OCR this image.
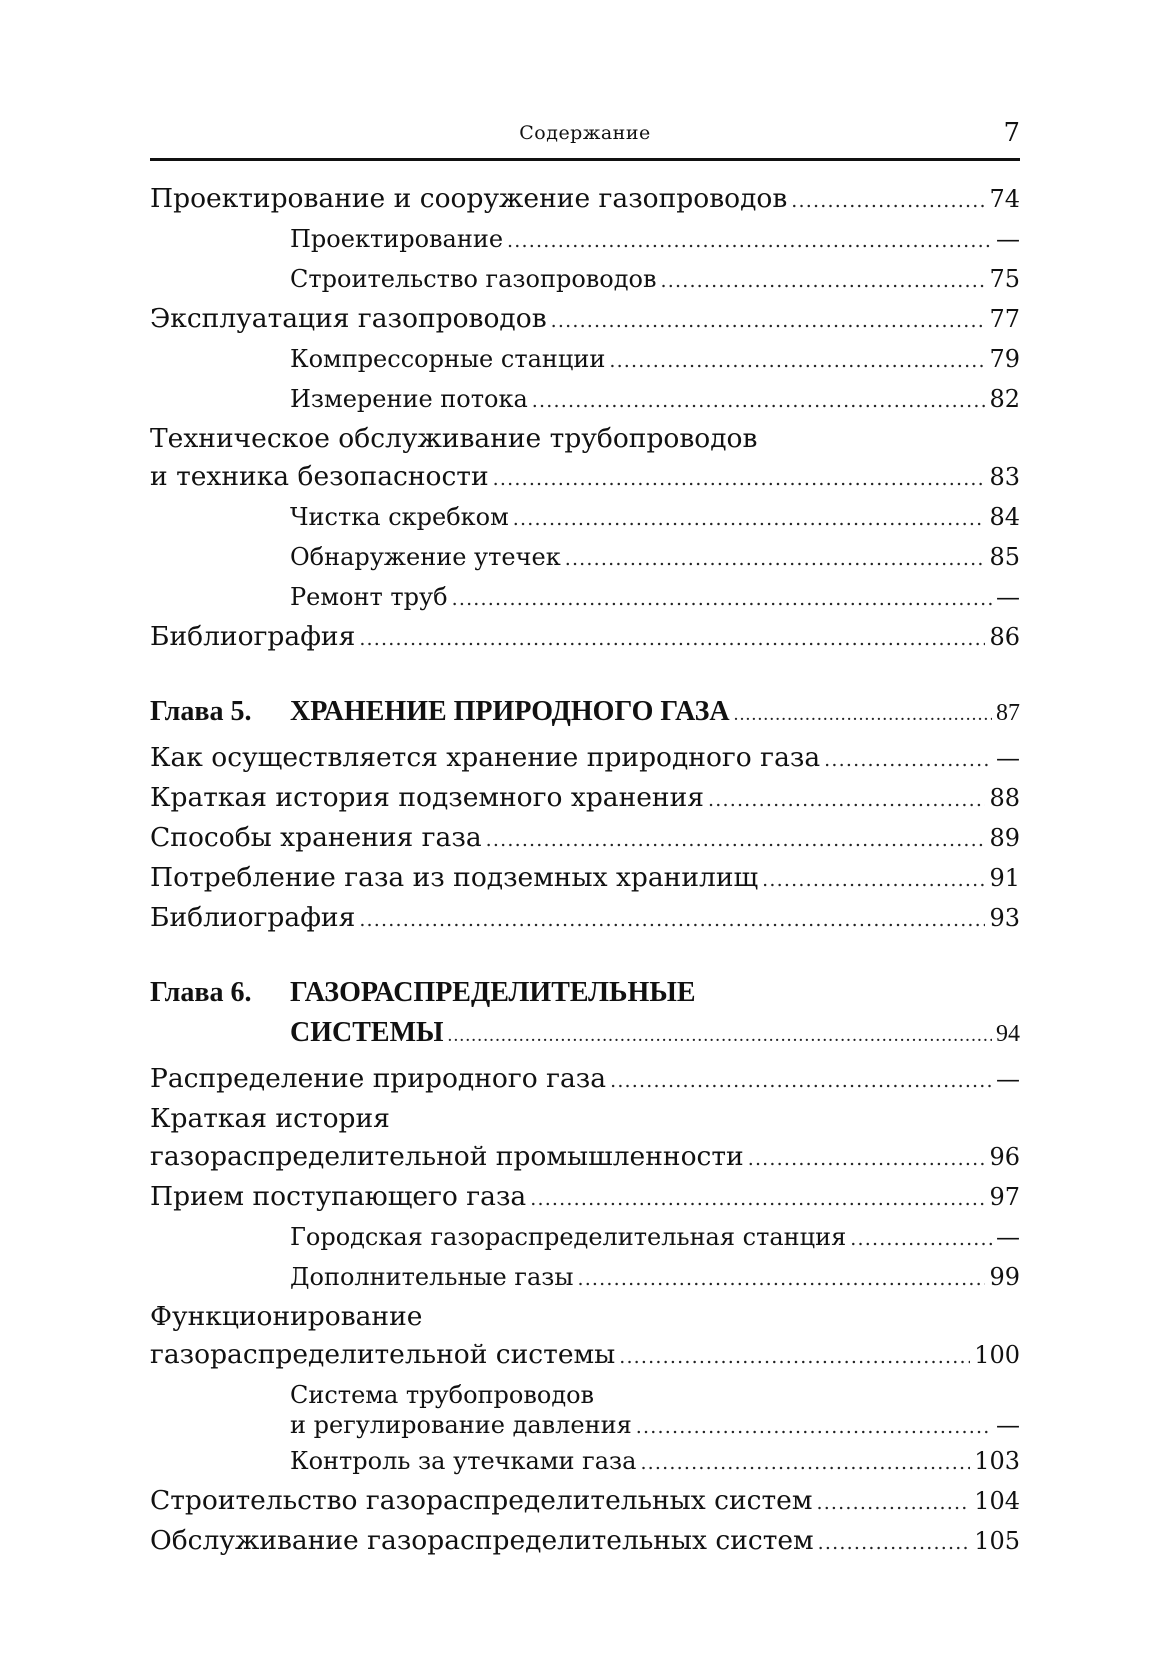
Содержание	7
Проектирование и сооружение газопроводов .....	74
Проектирование .....	—
Строительство газопроводов .....	75
Эксплуатация газопроводов .....	77
Компрессорные станции .....	79
Измерение потока .....	82
Техническое обслуживание трубопроводов
и техника безопасности .....	83
Чистка скребком .....	84
Обнаружение утечек .....	85
Ремонт труб .....	—
Библиография .....	86
Глава 5.	ХРАНЕНИЕ ПРИРОДНОГО ГАЗА .....	87
Как осуществляется хранение природного газа .....	—
Краткая история подземного хранения .....	88
Способы хранения газа .....	89
Потребление газа из подземных хранилищ .....	91
Библиография .....	93
Глава 6.	ГАЗОРАСПРЕДЕЛИТЕЛЬНЫЕ
СИСТЕМЫ .....	94
Распределение природного газа .....	—
Краткая история
газораспределительной промышленности .....	96
Прием поступающего газа .....	97
Городская газораспределительная станция .....	—
Дополнительные газы .....	99
Функционирование
газораспределительной системы .....	100
Система трубопроводов
и регулирование давления .....	—
Контроль за утечками газа .....	103
Строительство газораспределительных систем .....	104
Обслуживание газораспределительных систем .....	105
